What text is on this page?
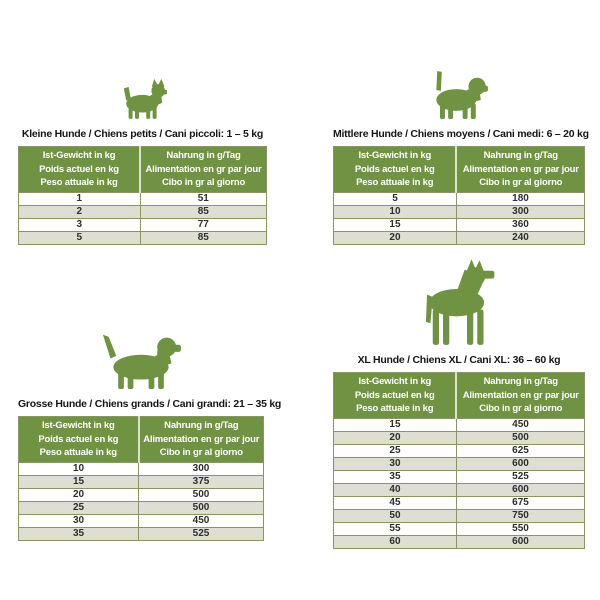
Kleine Hunde / Chiens petits / Cani piccoli: 1 – 5 kg
Ist-Gewicht in kg
Poids actuel en kg
Peso attuale in kg

Nahrung in g/Tag
Alimentation en gr par jour
Cibo in gr al giorno

1	51
2	85
3	77
5	85
Mittlere Hunde / Chiens moyens / Cani medi: 6 – 20 kg
Ist-Gewicht in kg
Poids actuel en kg
Peso attuale in kg

Nahrung in g/Tag
Alimentation en gr par jour
Cibo in gr al giorno

5	180
10	300
15	360
20	240
Grosse Hunde / Chiens grands / Cani grandi: 21 – 35 kg
Ist-Gewicht in kg
Poids actuel en kg
Peso attuale in kg

Nahrung in g/Tag
Alimentation en gr par jour
Cibo in gr al giorno

10	300
15	375
20	500
25	500
30	450
35	525
XL Hunde / Chiens XL / Cani XL: 36 – 60 kg
Ist-Gewicht in kg
Poids actuel en kg
Peso attuale in kg

Nahrung in g/Tag
Alimentation en gr par jour
Cibo in gr al giorno

15	450
20	500
25	625
30	600
35	525
40	600
45	675
50	750
55	550
60	600
